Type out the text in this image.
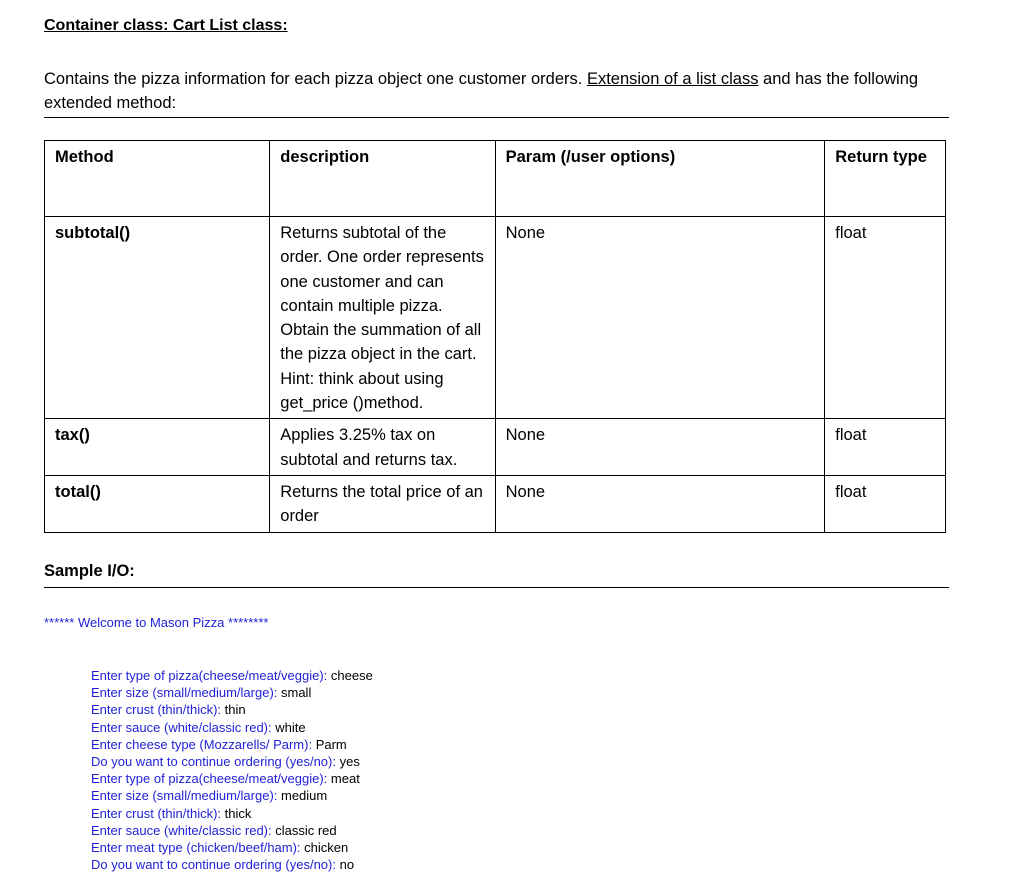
Container class: Cart List class:
Contains the pizza information for each pizza object one customer orders. Extension of a list class and has the following extended method:
Method	description	Param (/user options)	Return type
subtotal()	Returns subtotal of the order. One order represents one customer and can contain multiple pizza. Obtain the summation of all the pizza object in the cart. Hint: think about using get_price ()method.	None	float
tax()	Applies 3.25% tax on subtotal and returns tax.	None	float
total()	Returns the total price of an order	None	float
Sample I/O:
****** Welcome to Mason Pizza ********
Enter type of pizza(cheese/meat/veggie): cheese
Enter size (small/medium/large): small
Enter crust (thin/thick): thin
Enter sauce (white/classic red): white
Enter cheese type (Mozzarells/ Parm): Parm
Do you want to continue ordering (yes/no): yes
Enter type of pizza(cheese/meat/veggie): meat
Enter size (small/medium/large): medium
Enter crust (thin/thick): thick
Enter sauce (white/classic red): classic red
Enter meat type (chicken/beef/ham): chicken
Do you want to continue ordering (yes/no): no
